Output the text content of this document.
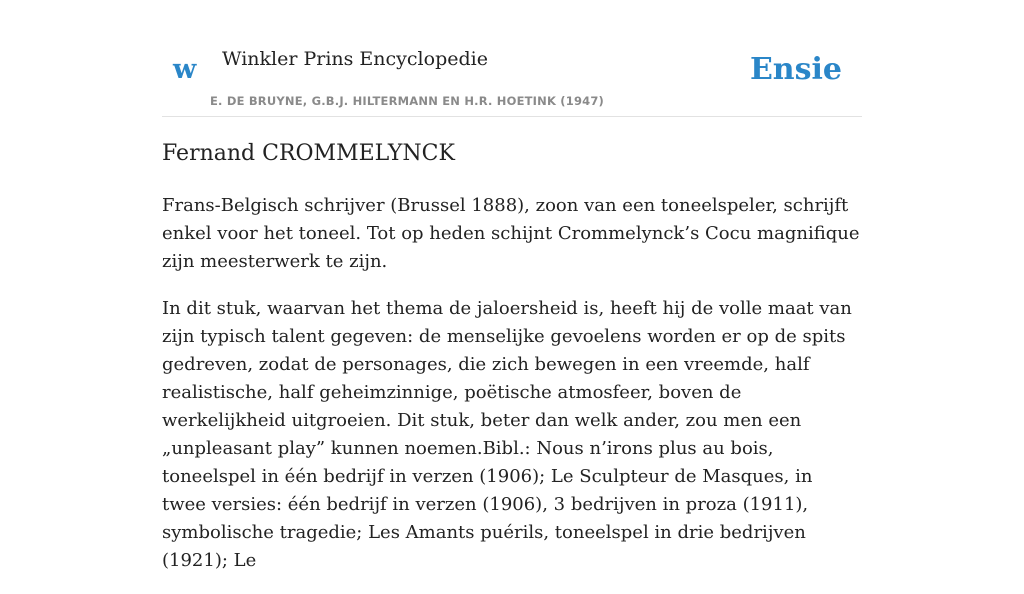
w Winkler Prins Encyclopedie
E. DE BRUYNE, G.B.J. HILTERMANN EN H.R. HOETINK (1947)
Ensie
Fernand CROMMELYNCK

Frans-Belgisch schrijver (Brussel 1888), zoon van een toneelspeler, schrijft enkel voor het toneel. Tot op heden schijnt Crommelynck’s Cocu magnifique zijn meesterwerk te zijn.

In dit stuk, waarvan het thema de jaloersheid is, heeft hij de volle maat van zijn typisch talent gegeven: de menselijke gevoelens worden er op de spits gedreven, zodat de personages, die zich bewegen in een vreemde, half realistische, half geheimzinnige, poëtische atmosfeer, boven de werkelijkheid uitgroeien. Dit stuk, beter dan welk ander, zou men een „unpleasant play” kunnen noemen.Bibl.: Nous n’irons plus au bois, toneelspel in één bedrijf in verzen (1906); Le Sculpteur de Masques, in twee versies: één bedrijf in verzen (1906), 3 bedrijven in proza (1911), symbolische tragedie; Les Amants puérils, toneelspel in drie bedrijven (1921); Le
